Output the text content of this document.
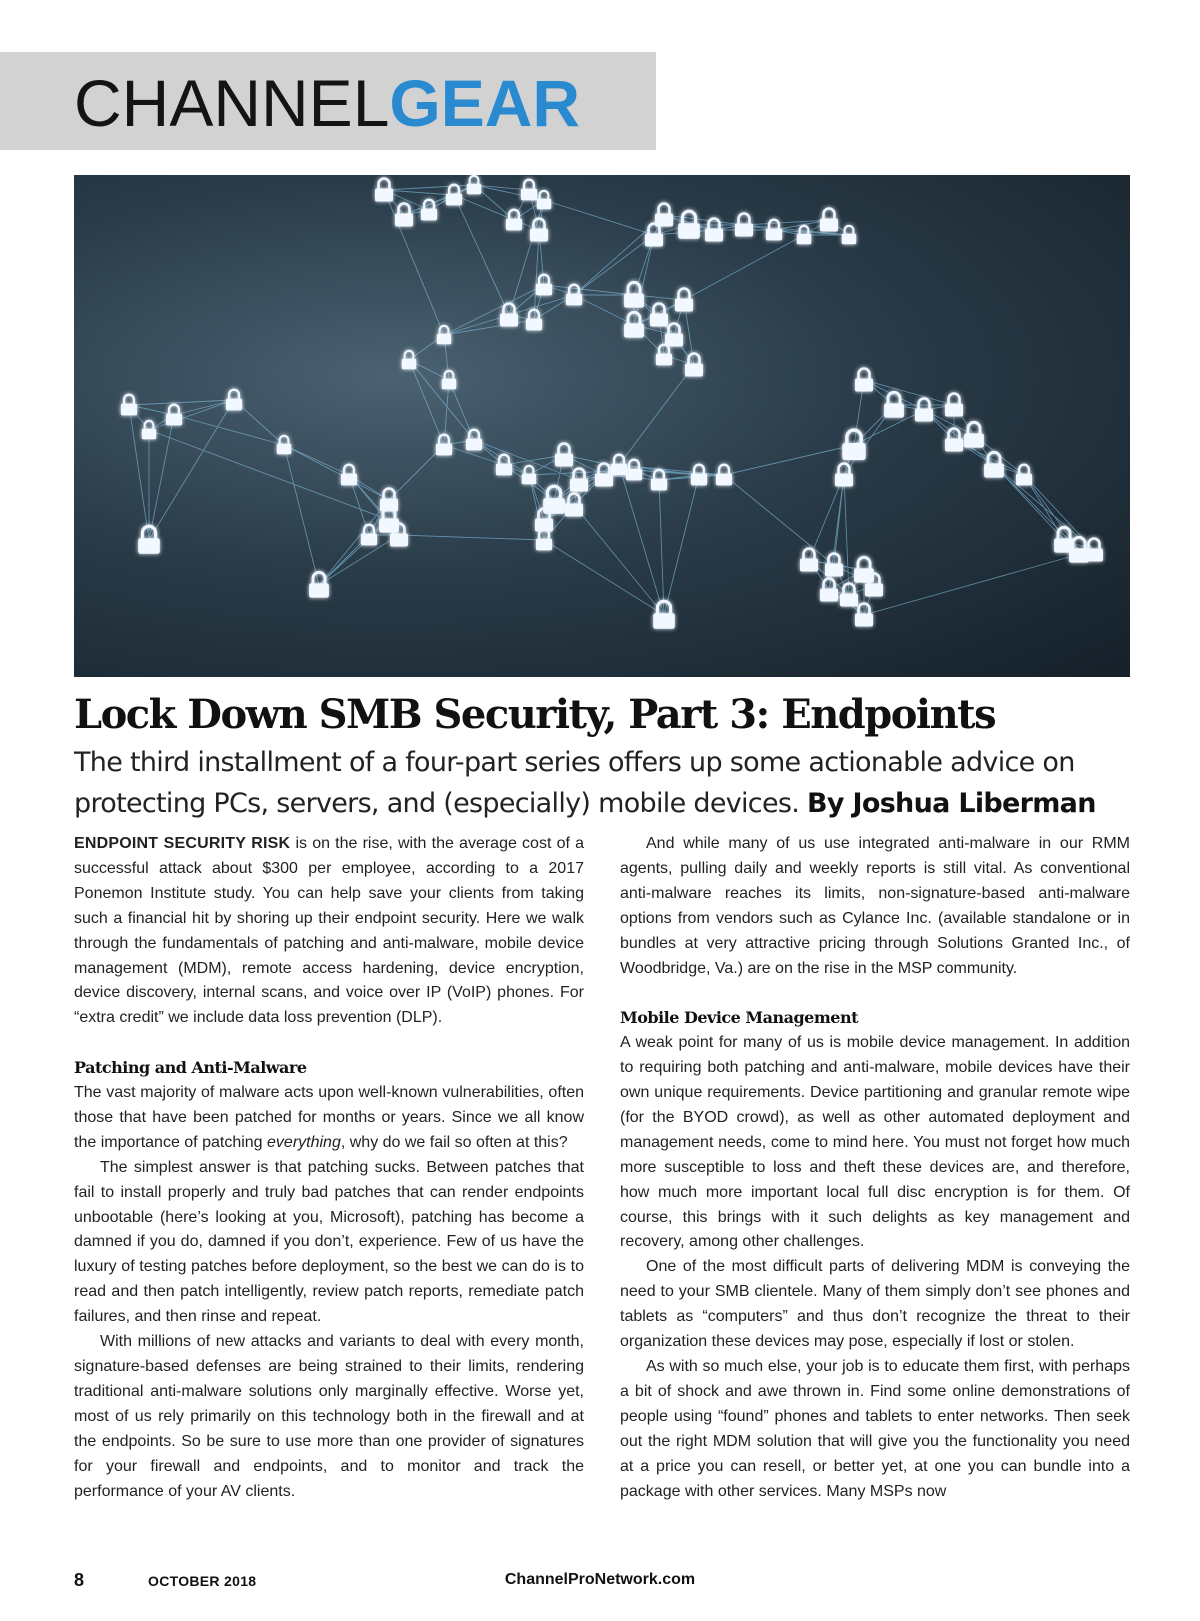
CHANNELGEAR
Lock Down SMB Security, Part 3: Endpoints
The third installment of a four-part series offers up some actionable advice on protecting PCs, servers, and (especially) mobile devices. By Joshua Liberman

ENDPOINT SECURITY RISK is on the rise, with the average cost of a successful attack about $300 per employee, according to a 2017 Ponemon Institute study. You can help save your clients from taking such a financial hit by shoring up their endpoint security. Here we walk through the fundamentals of patching and anti-malware, mobile device management (MDM), remote access hardening, device encryption, device discovery, internal scans, and voice over IP (VoIP) phones. For “extra credit” we include data loss prevention (DLP).

Patching and Anti-Malware

The vast majority of malware acts upon well-known vulnerabilities, often those that have been patched for months or years. Since we all know the importance of patching everything, why do we fail so often at this?

The simplest answer is that patching sucks. Between patches that fail to install properly and truly bad patches that can render endpoints unbootable (here’s looking at you, Microsoft), patching has become a damned if you do, damned if you don’t, experience. Few of us have the luxury of testing patches before deployment, so the best we can do is to read and then patch intelligently, review patch reports, remediate patch failures, and then rinse and repeat.

With millions of new attacks and variants to deal with every month, signature-based defenses are being strained to their limits, rendering traditional anti-malware solutions only marginally effective. Worse yet, most of us rely primarily on this technology both in the firewall and at the endpoints. So be sure to use more than one provider of signatures for your firewall and endpoints, and to monitor and track the performance of your AV clients.

And while many of us use integrated anti-malware in our RMM agents, pulling daily and weekly reports is still vital. As conventional anti-malware reaches its limits, non-signature-based anti-malware options from vendors such as Cylance Inc. (available standalone or in bundles at very attractive pricing through Solutions Granted Inc., of Woodbridge, Va.) are on the rise in the MSP community.

Mobile Device Management

A weak point for many of us is mobile device management. In addition to requiring both patching and anti-malware, mobile devices have their own unique requirements. Device partitioning and granular remote wipe (for the BYOD crowd), as well as other automated deployment and management needs, come to mind here. You must not forget how much more susceptible to loss and theft these devices are, and therefore, how much more important local full disc encryption is for them. Of course, this brings with it such delights as key management and recovery, among other challenges.

One of the most difficult parts of delivering MDM is conveying the need to your SMB clientele. Many of them simply don’t see phones and tablets as “computers” and thus don’t recognize the threat to their organization these devices may pose, especially if lost or stolen.

As with so much else, your job is to educate them first, with perhaps a bit of shock and awe thrown in. Find some online demonstrations of people using “found” phones and tablets to enter networks. Then seek out the right MDM solution that will give you the functionality you need at a price you can resell, or better yet, at one you can bundle into a package with other services. Many MSPs now

8	OCTOBER 2018	ChannelProNetwork.com
